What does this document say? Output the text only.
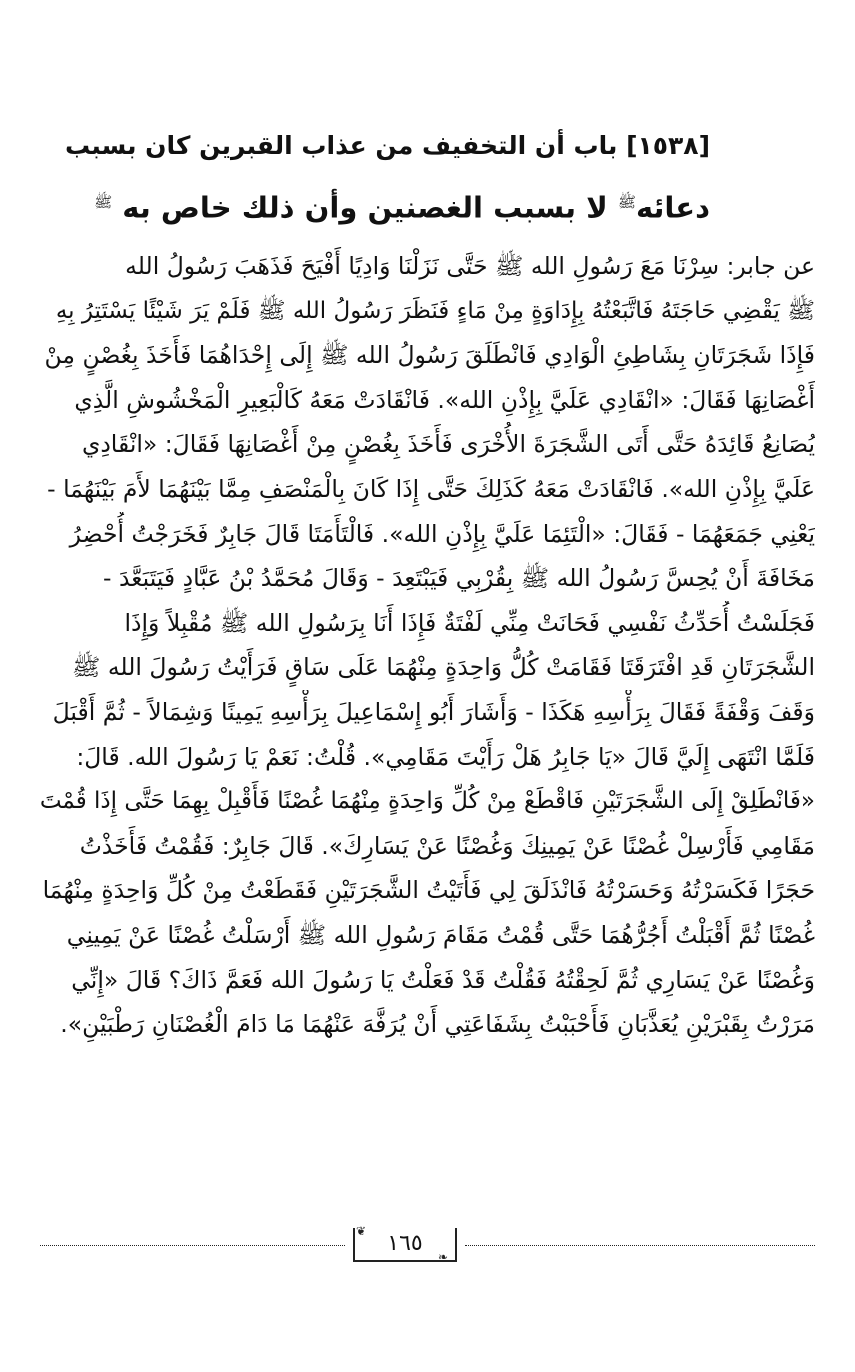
[١٥٣٨] باب أن التخفيف من عذاب القبرين كان بسبب
دعائه$^ﷺ$ لا بسبب الغصنين وأن ذلك خاص به $^ﷺ$
عن جابر: سِرْنَا مَعَ رَسُولِ الله ﷺ حَتَّى نَزَلْنَا وَادِيًا أَفْيَحَ فَذَهَبَ رَسُولُ الله
ﷺ يَقْضِي حَاجَتَهُ فَاتَّبَعْتُهُ بِإِدَاوَةٍ مِنْ مَاءٍ فَنَظَرَ رَسُولُ الله ﷺ فَلَمْ يَرَ شَيْئًا يَسْتَتِرُ بِهِ
فَإِذَا شَجَرَتَانِ بِشَاطِئِ الْوَادِي فَانْطَلَقَ رَسُولُ الله ﷺ إِلَى إِحْدَاهُمَا فَأَخَذَ بِغُصْنٍ مِنْ
أَغْصَانِهَا فَقَالَ: «انْقَادِي عَلَيَّ بِإِذْنِ الله». فَانْقَادَتْ مَعَهُ كَالْبَعِيرِ الْمَخْشُوشِ الَّذِي
يُصَانِعُ قَائِدَهُ حَتَّى أَتَى الشَّجَرَةَ الأُخْرَى فَأَخَذَ بِغُصْنٍ مِنْ أَغْصَانِهَا فَقَالَ: «انْقَادِي
عَلَيَّ بِإِذْنِ الله». فَانْقَادَتْ مَعَهُ كَذَلِكَ حَتَّى إِذَا كَانَ بِالْمَنْصَفِ مِمَّا بَيْنَهُمَا لأَمَ بَيْنَهُمَا -
يَعْنِي جَمَعَهُمَا - فَقَالَ: «الْتَئِمَا عَلَيَّ بِإِذْنِ الله». فَالْتَأَمَتَا قَالَ جَابِرٌ فَخَرَجْتُ أُحْضِرُ
مَخَافَةَ أَنْ يُحِسَّ رَسُولُ الله ﷺ بِقُرْبِي فَيَبْتَعِدَ - وَقَالَ مُحَمَّدُ بْنُ عَبَّادٍ فَيَتَبَعَّدَ -
فَجَلَسْتُ أُحَدِّثُ نَفْسِي فَحَانَتْ مِنِّي لَفْتَةٌ فَإِذَا أَنَا بِرَسُولِ الله ﷺ مُقْبِلاً وَإِذَا
الشَّجَرَتَانِ قَدِ افْتَرَقَتَا فَقَامَتْ كُلُّ وَاحِدَةٍ مِنْهُمَا عَلَى سَاقٍ فَرَأَيْتُ رَسُولَ الله ﷺ
وَقَفَ وَقْفَةً فَقَالَ بِرَأْسِهِ هَكَذَا - وَأَشَارَ أَبُو إِسْمَاعِيلَ بِرَأْسِهِ يَمِينًا وَشِمَالاً - ثُمَّ أَقْبَلَ
فَلَمَّا انْتَهَى إِلَيَّ قَالَ «يَا جَابِرُ هَلْ رَأَيْتَ مَقَامِي». قُلْتُ: نَعَمْ يَا رَسُولَ الله. قَالَ:
«فَانْطَلِقْ إِلَى الشَّجَرَتَيْنِ فَاقْطَعْ مِنْ كُلِّ وَاحِدَةٍ مِنْهُمَا غُصْنًا فَأَقْبِلْ بِهِمَا حَتَّى إِذَا قُمْتَ
مَقَامِي فَأَرْسِلْ غُصْنًا عَنْ يَمِينِكَ وَغُصْنًا عَنْ يَسَارِكَ». قَالَ جَابِرٌ: فَقُمْتُ فَأَخَذْتُ
حَجَرًا فَكَسَرْتُهُ وَحَسَرْتُهُ فَانْذَلَقَ لِي فَأَتَيْتُ الشَّجَرَتَيْنِ فَقَطَعْتُ مِنْ كُلِّ وَاحِدَةٍ مِنْهُمَا
غُصْنًا ثُمَّ أَقْبَلْتُ أَجُرُّهُمَا حَتَّى قُمْتُ مَقَامَ رَسُولِ الله ﷺ أَرْسَلْتُ غُصْنًا عَنْ يَمِينِي
وَغُصْنًا عَنْ يَسَارِي ثُمَّ لَحِقْتُهُ فَقُلْتُ قَدْ فَعَلْتُ يَا رَسُولَ الله فَعَمَّ ذَاكَ؟ قَالَ «إِنِّي
مَرَرْتُ بِقَبْرَيْنِ يُعَذَّبَانِ فَأَحْبَبْتُ بِشَفَاعَتِي أَنْ يُرَفَّهَ عَنْهُمَا مَا دَامَ الْغُصْنَانِ رَطْبَيْنِ».
❦ ١٦٥
❧
